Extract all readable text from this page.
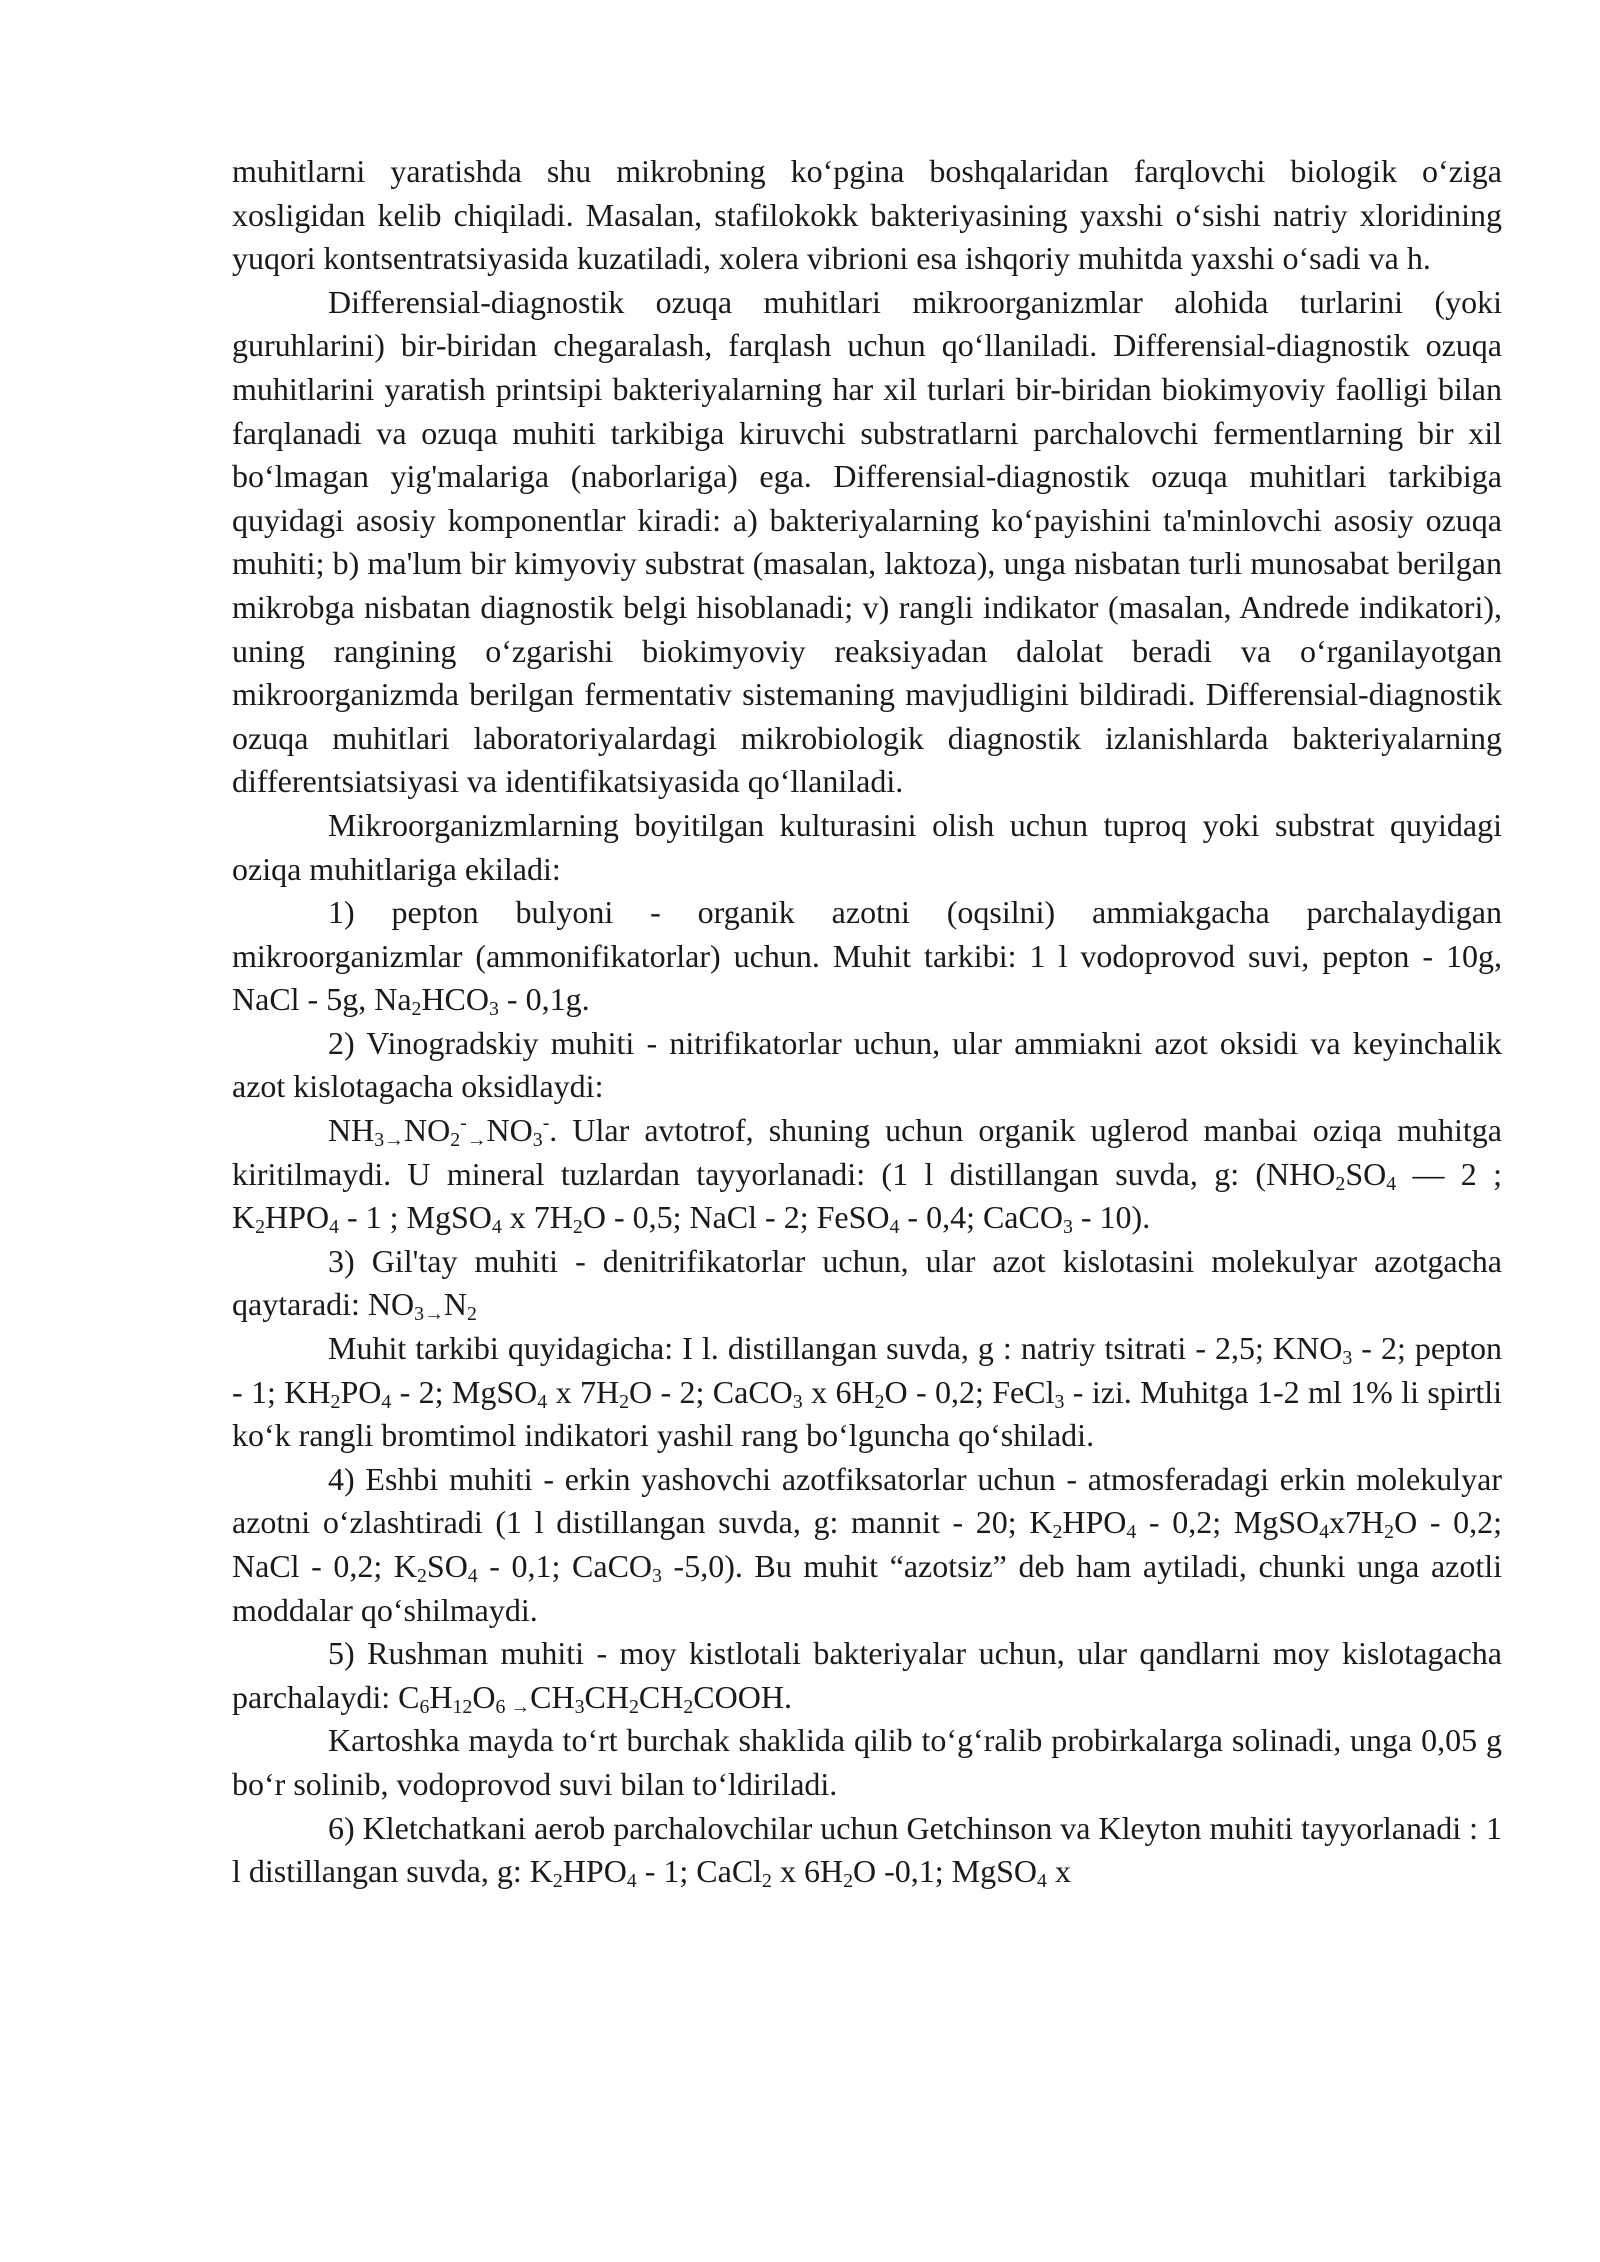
muhitlarni yaratishda shu mikrobning ko‘pgina boshqalaridan farqlovchi biologik o‘ziga xosligidan kelib chiqiladi. Masalan, stafilokokk bakteriyasining yaxshi o‘sishi natriy xloridining yuqori kontsentratsiyasida kuzatiladi, xolera vibrioni esa ishqoriy muhitda yaxshi o‘sadi va h.

Differensial-diagnostik ozuqa muhitlari mikroorganizmlar alohida turlarini (yoki guruhlarini) bir-biridan chegaralash, farqlash uchun qo‘llaniladi. Differensial-diagnostik ozuqa muhitlarini yaratish printsipi bakteriyalarning har xil turlari bir-biridan biokimyoviy faolligi bilan farqlanadi va ozuqa muhiti tarkibiga kiruvchi substratlarni parchalovchi fermentlarning bir xil bo‘lmagan yig'malariga (naborlariga) ega. Differensial-diagnostik ozuqa muhitlari tarkibiga quyidagi asosiy komponentlar kiradi: a) bakteriyalarning ko‘payishini ta'minlovchi asosiy ozuqa muhiti; b) ma'lum bir kimyoviy substrat (masalan, laktoza), unga nisbatan turli munosabat berilgan mikrobga nisbatan diagnostik belgi hisoblanadi; v) rangli indikator (masalan, Andrede indikatori), uning rangining o‘zgarishi biokimyoviy reaksiyadan dalolat beradi va o‘rganilayotgan mikroorganizmda berilgan fermentativ sistemaning mavjudligini bildiradi. Differensial-diagnostik ozuqa muhitlari laboratoriyalardagi mikrobiologik diagnostik izlanishlarda bakteriyalarning differentsiatsiyasi va identifikatsiyasida qo‘llaniladi.

Mikroorganizmlarning boyitilgan kulturasini olish uchun tuproq yoki substrat quyidagi oziqa muhitlariga ekiladi:

1) pepton bulyoni - organik azotni (oqsilni) ammiakgacha parchalaydigan mikroorganizmlar (ammonifikatorlar) uchun. Muhit tarkibi: 1 l vodoprovod suvi, pepton - 10g, NaCl - 5g, $Na_2HCO_3 - 0,1g$.

2) Vinogradskiy muhiti - nitrifikatorlar uchun, ular ammiakni azot oksidi va keyinchalik azot kislotagacha oksidlaydi:

$NH_{3\to}NO_2^-_\to NO_3^-$. Ular avtotrof, shuning uchun organik uglerod manbai oziqa muhitga kiritilmaydi. U mineral tuzlardan tayyorlanadi: (1 l distillangan suvda, g: ($NHO_2SO_4$ — 2 ; $K_2HPO_4 - 1$ ; MgSO$_4$ x $7H_2O - 0,5$; NaCl - 2; FeSO$_4$ - 0,4; CaCO$_3$ - 10).

3) Gil'tay muhiti - denitrifikatorlar uchun, ular azot kislotasini molekulyar azotgacha qaytaradi: $NO_{3\to}N_2$

Muhit tarkibi quyidagicha: I l. distillangan suvda, g : natriy tsitrati - 2,5; $KNO_3 - 2$; pepton - 1; $KH_2PO_4 - 2$; MgSO$_4$ x $7H_2O - 2$; CaCO$_3$ x $6H_2O - 0,2$; FeCl$_3$ - izi. Muhitga 1-2 ml 1% li spirtli ko‘k rangli bromtimol indikatori yashil rang bo‘lguncha qo‘shiladi.

4) Eshbi muhiti - erkin yashovchi azotfiksatorlar uchun - atmosferadagi erkin molekulyar azotni o‘zlashtiradi (1 l distillangan suvda, g: mannit - 20; $K_2HPO_4 - 0,2$; $MgSO_4x7H_2O - 0,2$; NaCl - 0,2; $K_2SO_4 - 0,1$; CaCO$_3$ -5,0). Bu muhit “azotsiz” deb ham aytiladi, chunki unga azotli moddalar qo‘shilmaydi.

5) Rushman muhiti - moy kistlotali bakteriyalar uchun, ular qandlarni moy kislotagacha parchalaydi: $C_6H_{12}O_6$ $_\to CH_3CH_2CH_2COOH$.

Kartoshka mayda to‘rt burchak shaklida qilib to‘g‘ralib probirkalarga solinadi, unga 0,05 g bo‘r solinib, vodoprovod suvi bilan to‘ldiriladi.

6) Kletchatkani aerob parchalovchilar uchun Getchinson va Kleyton muhiti tayyorlanadi : 1 l distillangan suvda, g: $K_2HPO_4 - 1$; CaCl$_2$ x $6H_2O$ -0,1; MgSO$_4$ x
